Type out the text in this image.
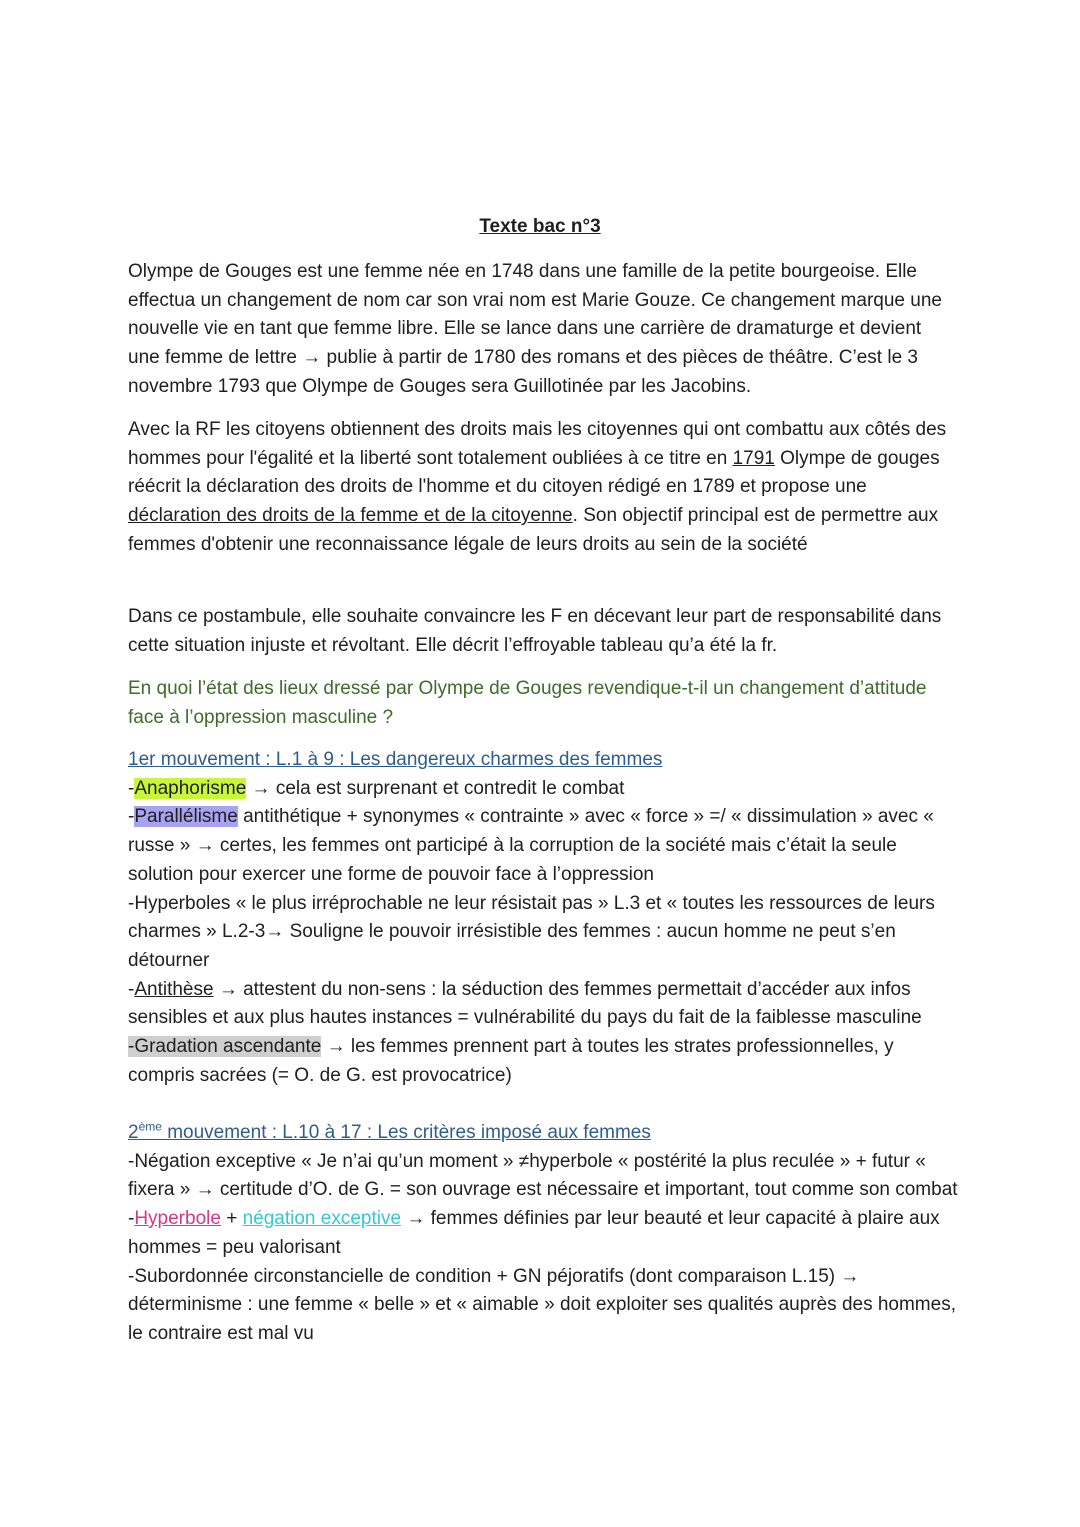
Texte bac n°3
Olympe de Gouges est une femme née en 1748 dans une famille de la petite bourgeoise. Elle effectua un changement de nom car son vrai nom est Marie Gouze. Ce changement marque une nouvelle vie en tant que femme libre. Elle se lance dans une carrière de dramaturge et devient une femme de lettre → publie à partir de 1780 des romans et des pièces de théâtre. C’est le 3 novembre 1793 que Olympe de Gouges sera Guillotinée par les Jacobins.
Avec la RF les citoyens obtiennent des droits mais les citoyennes qui ont combattu aux côtés des hommes pour l'égalité et la liberté sont totalement oubliées à ce titre en 1791 Olympe de gouges réécrit la déclaration des droits de l'homme et du citoyen rédigé en 1789 et propose une déclaration des droits de la femme et de la citoyenne. Son objectif principal est de permettre aux femmes d'obtenir une reconnaissance légale de leurs droits au sein de la société
Dans ce postambule, elle souhaite convaincre les F en décevant leur part de responsabilité dans cette situation injuste et révoltant. Elle décrit l’effroyable tableau qu’a été la fr.
En quoi l’état des lieux dressé par Olympe de Gouges revendique-t-il un changement d’attitude face à l’oppression masculine ?
1er mouvement : L.1 à 9 : Les dangereux charmes des femmes
-Anaphorisme → cela est surprenant et contredit le combat
-Parallélisme antithétique + synonymes « contrainte » avec « force » =/ « dissimulation » avec « russe » → certes, les femmes ont participé à la corruption de la société mais c’était la seule solution pour exercer une forme de pouvoir face à l’oppression
-Hyperboles « le plus irréprochable ne leur résistait pas » L.3 et « toutes les ressources de leurs charmes » L.2-3→ Souligne le pouvoir irrésistible des femmes : aucun homme ne peut s’en détourner
-Antithèse → attestent du non-sens : la séduction des femmes permettait d’accéder aux infos sensibles et aux plus hautes instances = vulnérabilité du pays du fait de la faiblesse masculine
-Gradation ascendante → les femmes prennent part à toutes les strates professionnelles, y compris sacrées (= O. de G. est provocatrice)
2ème mouvement : L.10 à 17 : Les critères imposé aux femmes
-Négation exceptive « Je n’ai qu’un moment » ≠hyperbole « postérité la plus reculée » + futur « fixera » → certitude d’O. de G. = son ouvrage est nécessaire et important, tout comme son combat
-Hyperbole + négation exceptive → femmes définies par leur beauté et leur capacité à plaire aux hommes = peu valorisant
-Subordonnée circonstancielle de condition + GN péjoratifs (dont comparaison L.15) → déterminisme : une femme « belle » et « aimable » doit exploiter ses qualités auprès des hommes, le contraire est mal vu
